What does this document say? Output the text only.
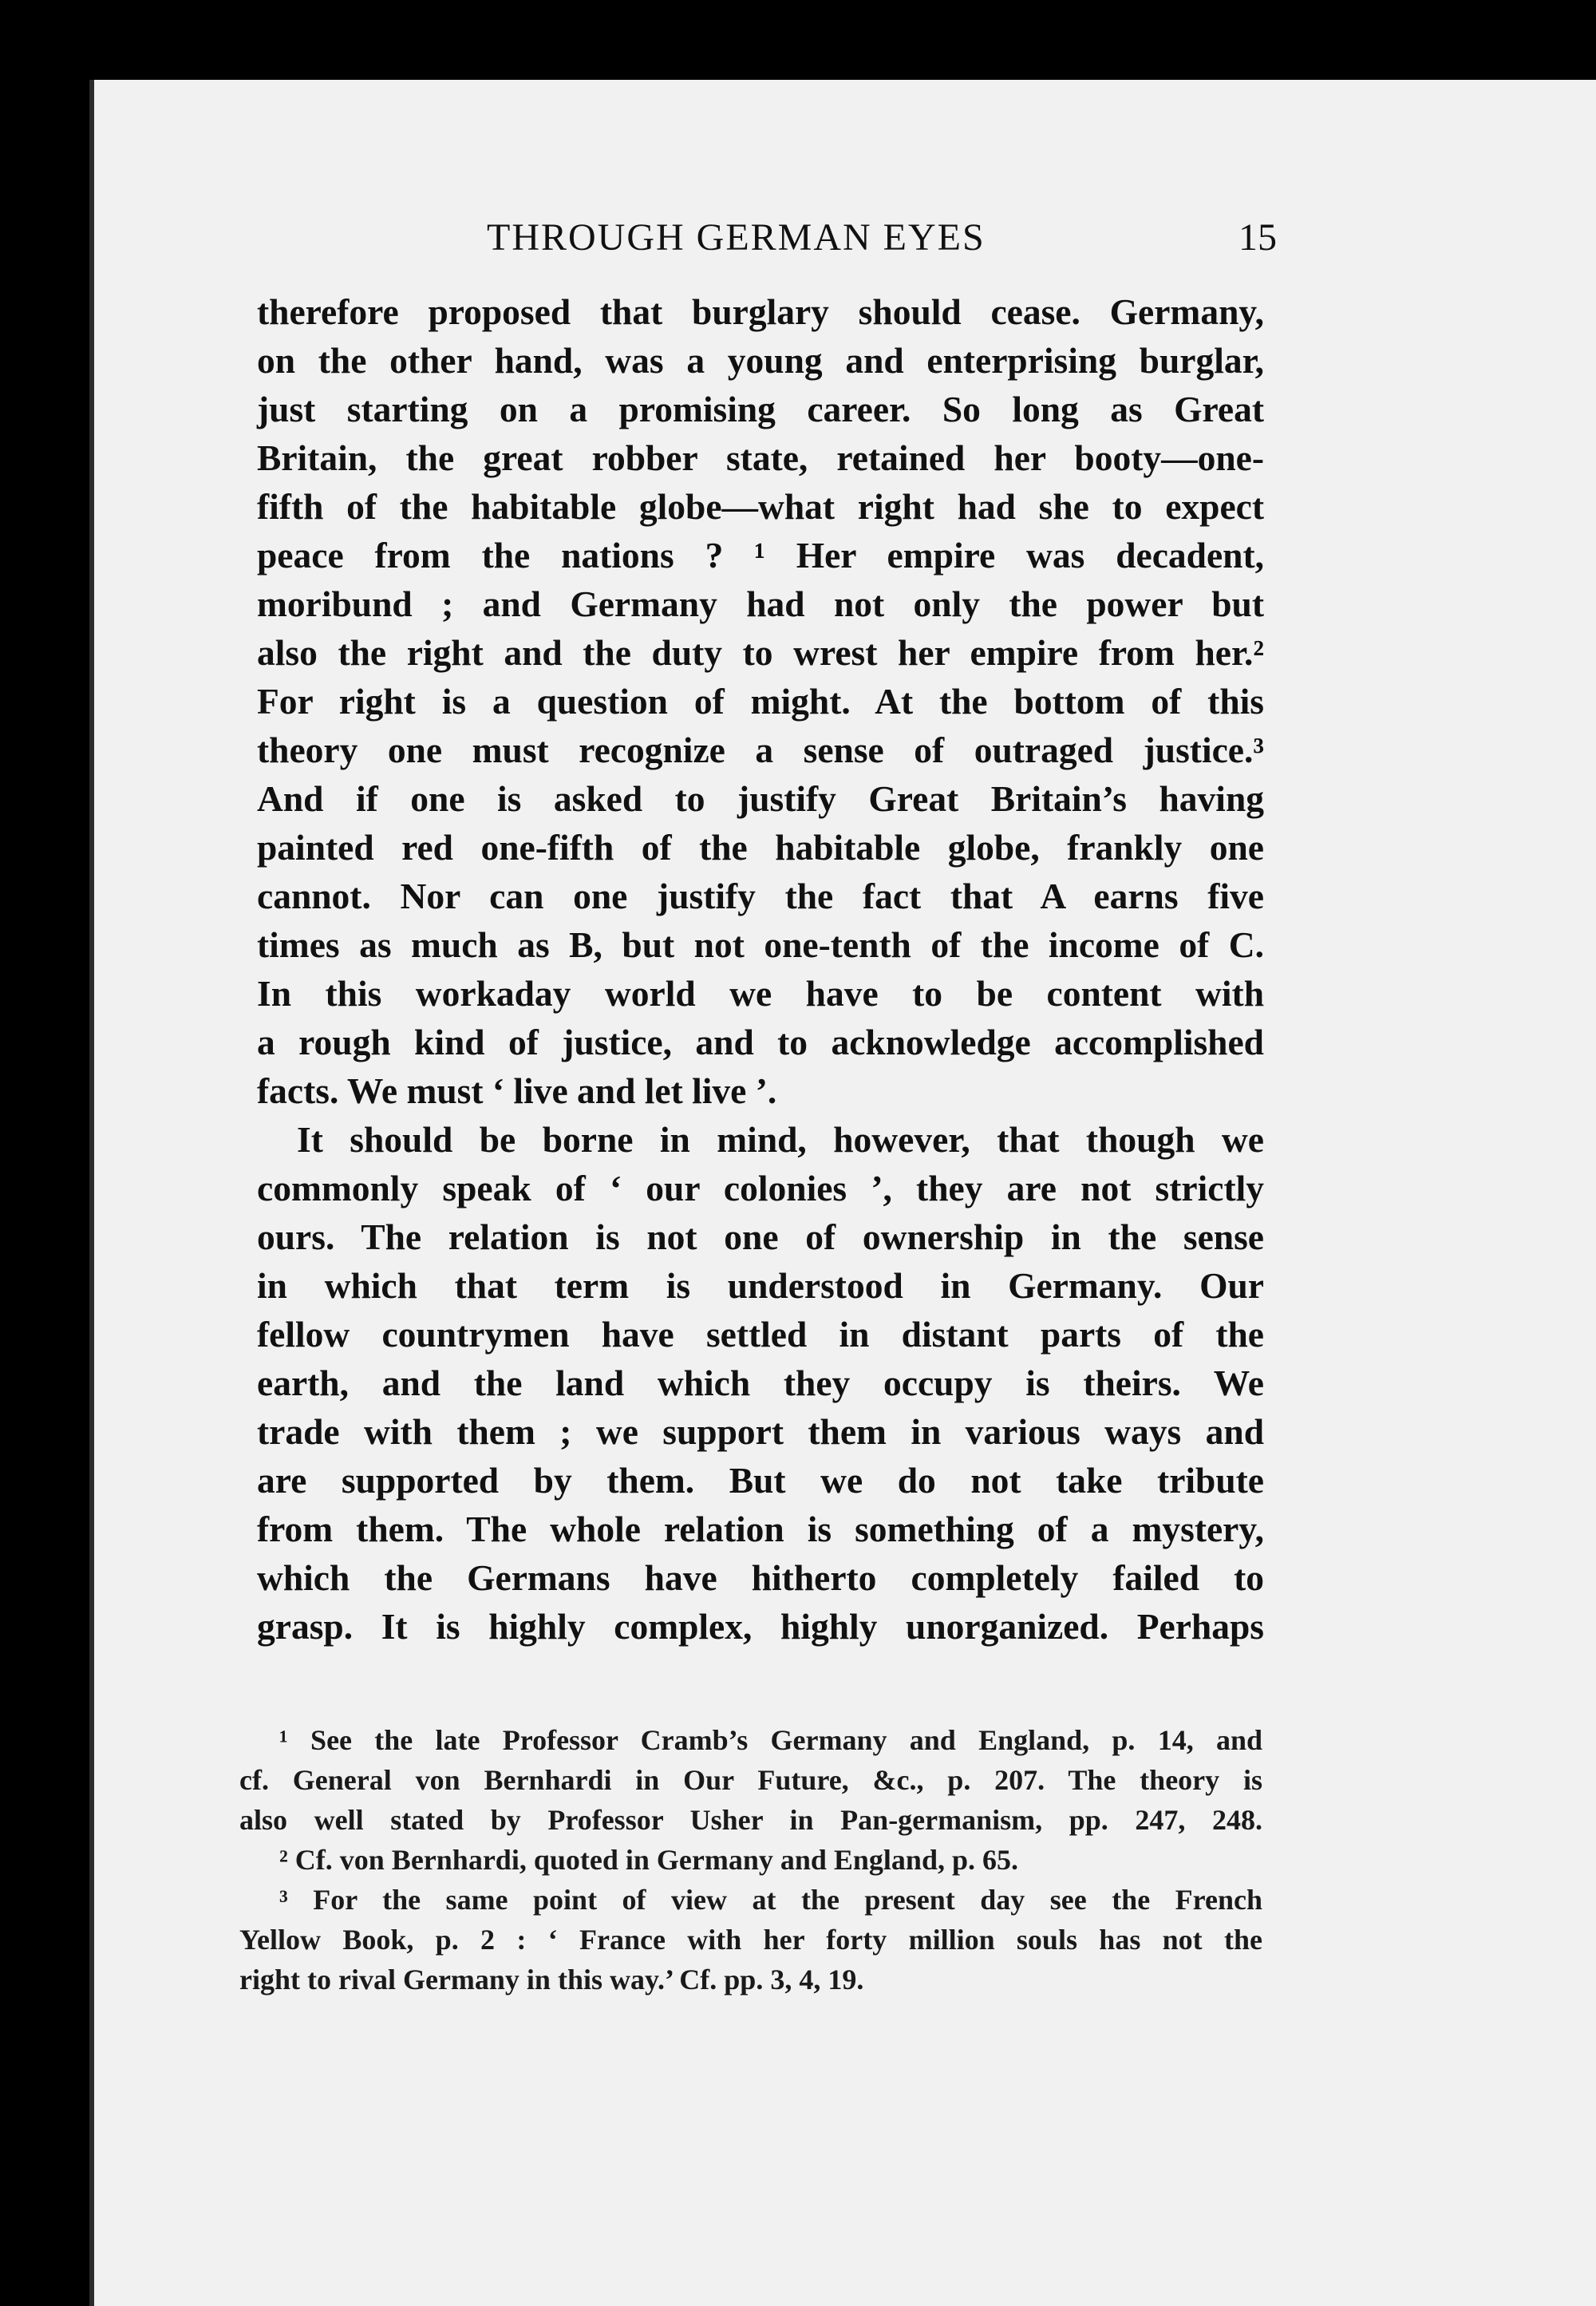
THROUGH GERMAN EYES	15
therefore proposed that burglary should cease. Germany,
on the other hand, was a young and enterprising burglar,
just starting on a promising career. So long as Great
Britain, the great robber state, retained her booty—one-
fifth of the habitable globe—what right had she to expect
peace from the nations ? ¹ Her empire was decadent,
moribund ; and Germany had not only the power but
also the right and the duty to wrest her empire from her.²
For right is a question of might. At the bottom of this
theory one must recognize a sense of outraged justice.³
And if one is asked to justify Great Britain’s having
painted red one-fifth of the habitable globe, frankly one
cannot. Nor can one justify the fact that A earns five
times as much as B, but not one-tenth of the income of C.
In this workaday world we have to be content with
a rough kind of justice, and to acknowledge accomplished
facts. We must ‘ live and let live ’.
It should be borne in mind, however, that though we
commonly speak of ‘ our colonies ’, they are not strictly
ours. The relation is not one of ownership in the sense
in which that term is understood in Germany. Our
fellow countrymen have settled in distant parts of the
earth, and the land which they occupy is theirs. We
trade with them ; we support them in various ways and
are supported by them. But we do not take tribute
from them. The whole relation is something of a mystery,
which the Germans have hitherto completely failed to
grasp. It is highly complex, highly unorganized. Perhaps
¹ See the late Professor Cramb’s Germany and England, p. 14, and
cf. General von Bernhardi in Our Future, &c., p. 207. The theory is
also well stated by Professor Usher in Pan-germanism, pp. 247, 248.
² Cf. von Bernhardi, quoted in Germany and England, p. 65.
³ For the same point of view at the present day see the French
Yellow Book, p. 2 : ‘ France with her forty million souls has not the
right to rival Germany in this way.’ Cf. pp. 3, 4, 19.
